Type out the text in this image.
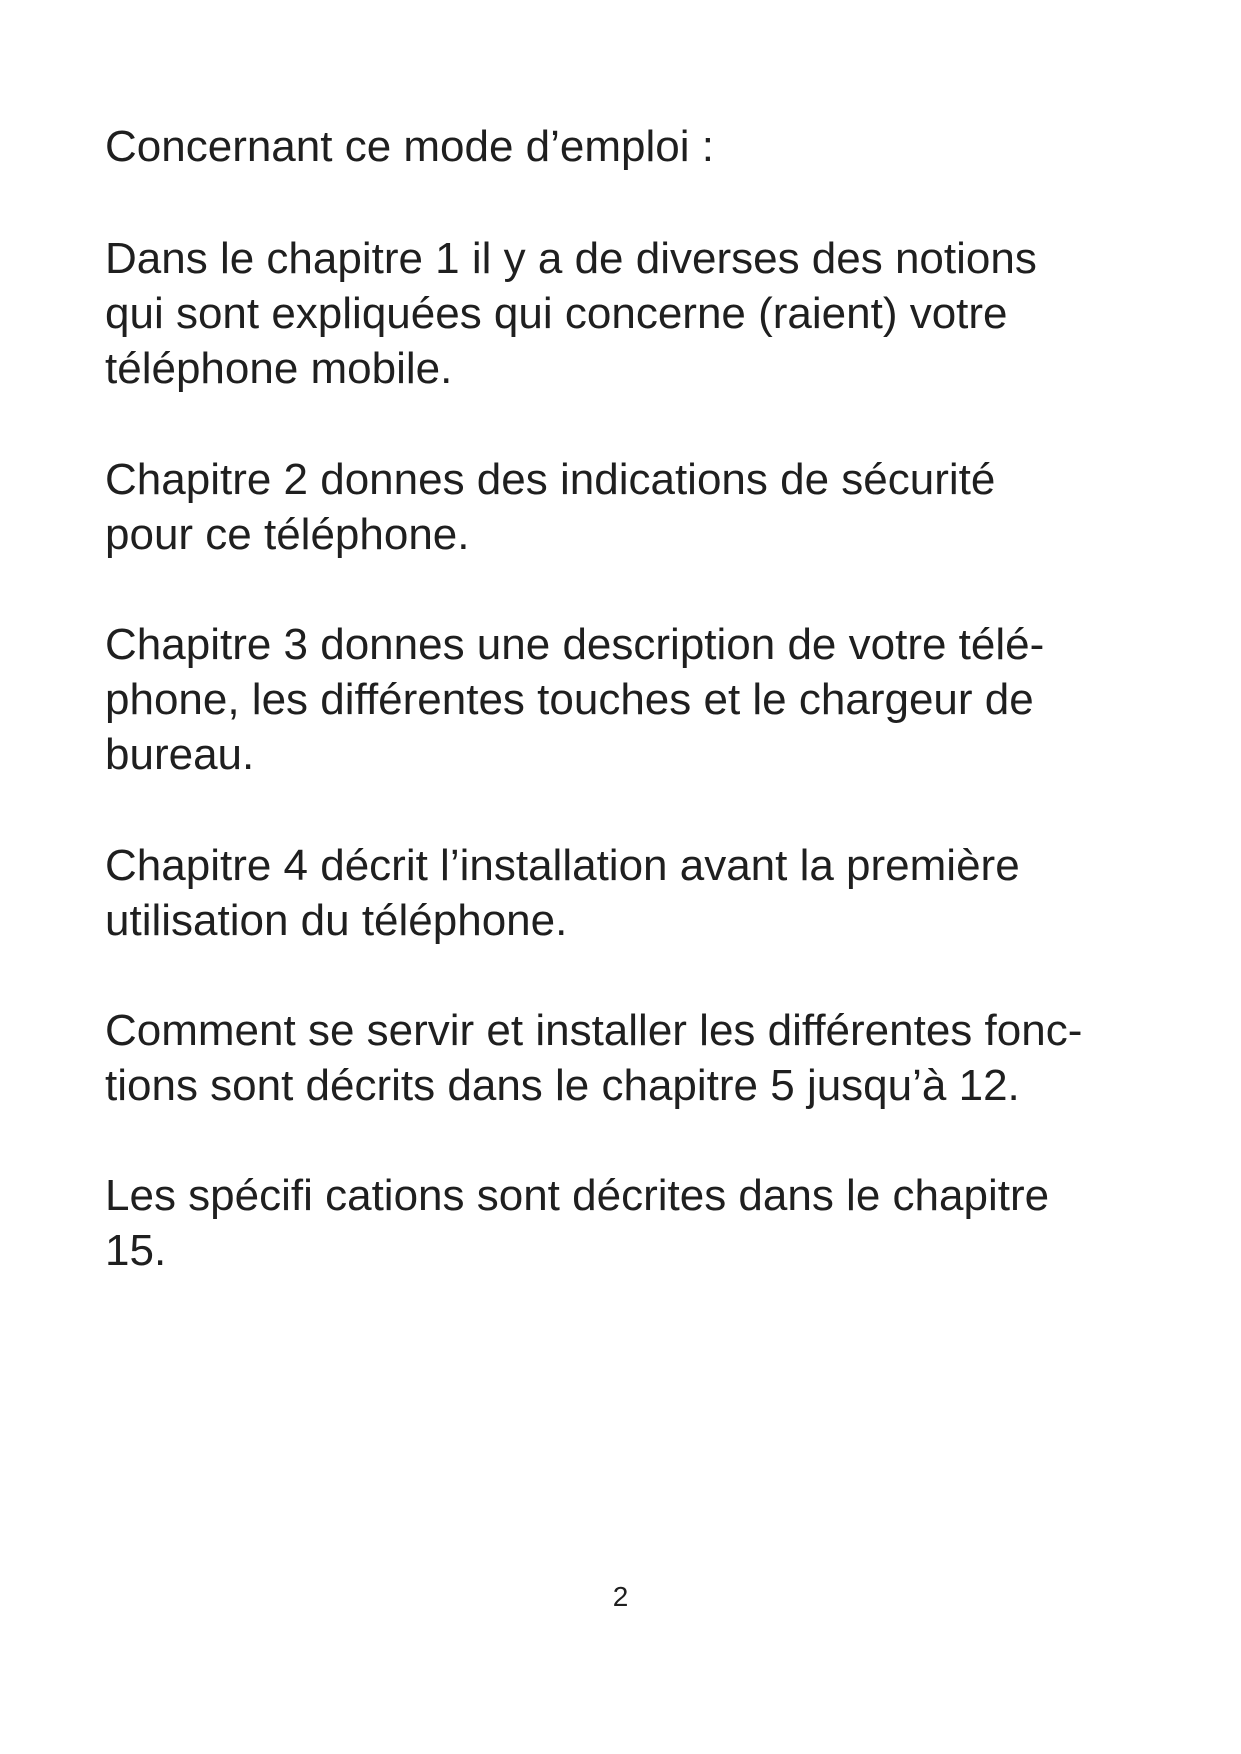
Concernant ce mode d’emploi :
Dans le chapitre 1 il y a de diverses des notions
qui sont expliquées qui concerne (raient) votre
téléphone mobile.
Chapitre 2 donnes des indications de sécurité
pour ce téléphone.
Chapitre 3 donnes une description de votre télé-
phone, les différentes touches et le chargeur de
bureau.
Chapitre 4 décrit l’installation avant la première
utilisation du téléphone.
Comment se servir et installer les différentes fonc-
tions sont décrits dans le chapitre 5 jusqu’à 12.
Les spécifi cations sont décrites dans le chapitre
15.
2
